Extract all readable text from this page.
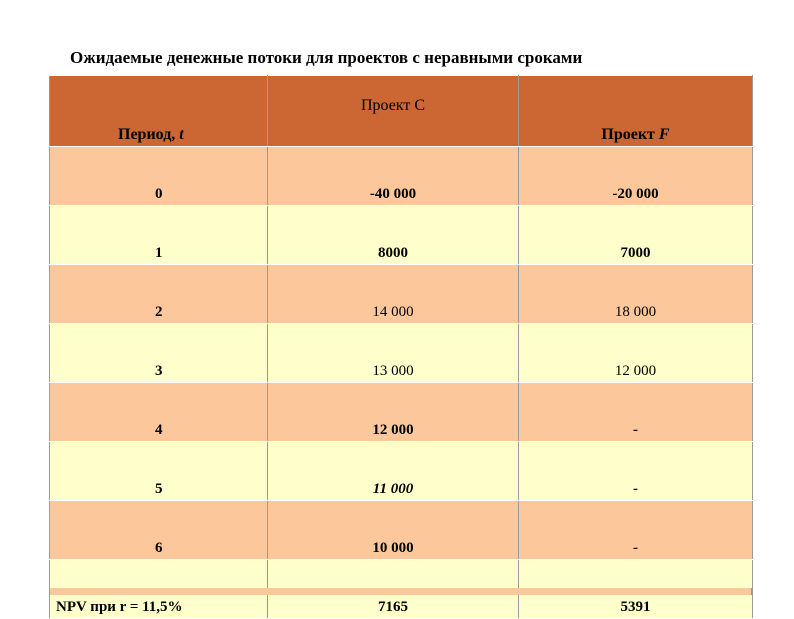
Ожидаемые денежные потоки для проектов с неравными сроками
Период, t	Проект С	Проект F
0	-40 000	-20 000
1	8000	7000
2	14 000	18 000
3	13 000	12 000
4	12 000	-
5	11 000	-
6	10 000	-
NPV при r = 11,5%	7165	5391
